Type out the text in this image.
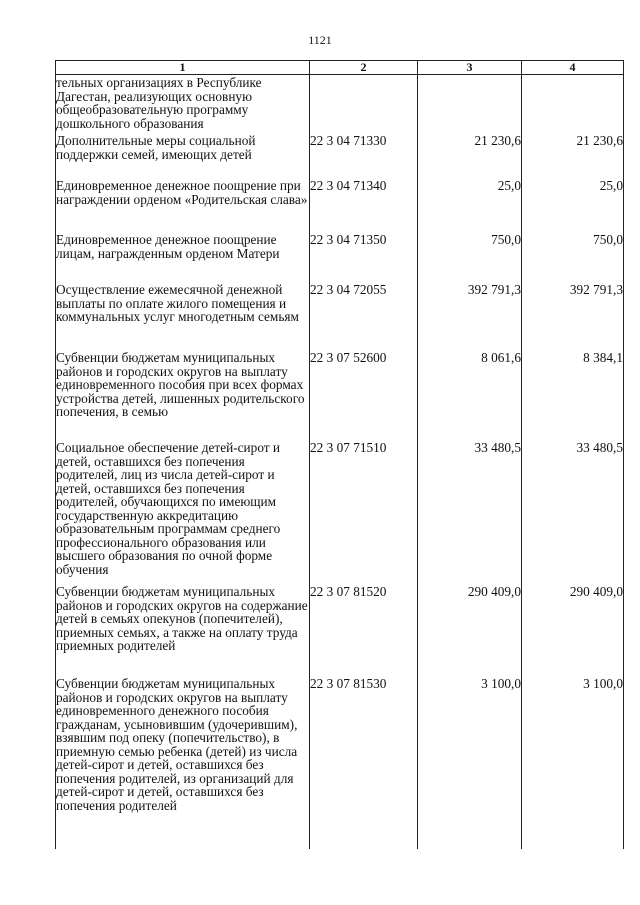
1121
1	2	3	4
тельных организациях в Республике Дагестан, реализующих основную общеобразовательную программу дошкольного образования			
Дополнительные меры социальной поддержки семей, имеющих детей	22 3 04 71330	21 230,6	21 230,6
Единовременное денежное поощрение при награждении орденом «Родительская слава»	22 3 04 71340	25,0	25,0
Единовременное денежное поощрение лицам, награжденным орденом Матери	22 3 04 71350	750,0	750,0
Осуществление ежемесячной денежной выплаты по оплате жилого помещения и коммунальных услуг многодетным семьям	22 3 04 72055	392 791,3	392 791,3
Субвенции бюджетам муниципальных районов и городских округов на выплату единовременного пособия при всех формах устройства детей, лишенных родительского попечения, в семью	22 3 07 52600	8 061,6	8 384,1
Социальное обеспечение детей-сирот и детей, оставшихся без попечения родителей, лиц из числа детей-сирот и детей, оставшихся без попечения родителей, обучающихся по имеющим государственную аккредитацию образовательным программам среднего профессионального образования или высшего образования по очной форме обучения	22 3 07 71510	33 480,5	33 480,5
Субвенции бюджетам муниципальных районов и городских округов на содержание детей в семьях опекунов (попечителей), приемных семьях, а также на оплату труда приемных родителей	22 3 07 81520	290 409,0	290 409,0
Субвенции бюджетам муниципальных районов и городских округов на выплату единовременного денежного пособия гражданам, усыновившим (удочерившим), взявшим под опеку (попечительство), в приемную семью ребенка (детей) из числа детей-сирот и детей, оставшихся без попечения родителей, из организаций для детей-сирот и детей, оставшихся без попечения родителей	22 3 07 81530	3 100,0	3 100,0
